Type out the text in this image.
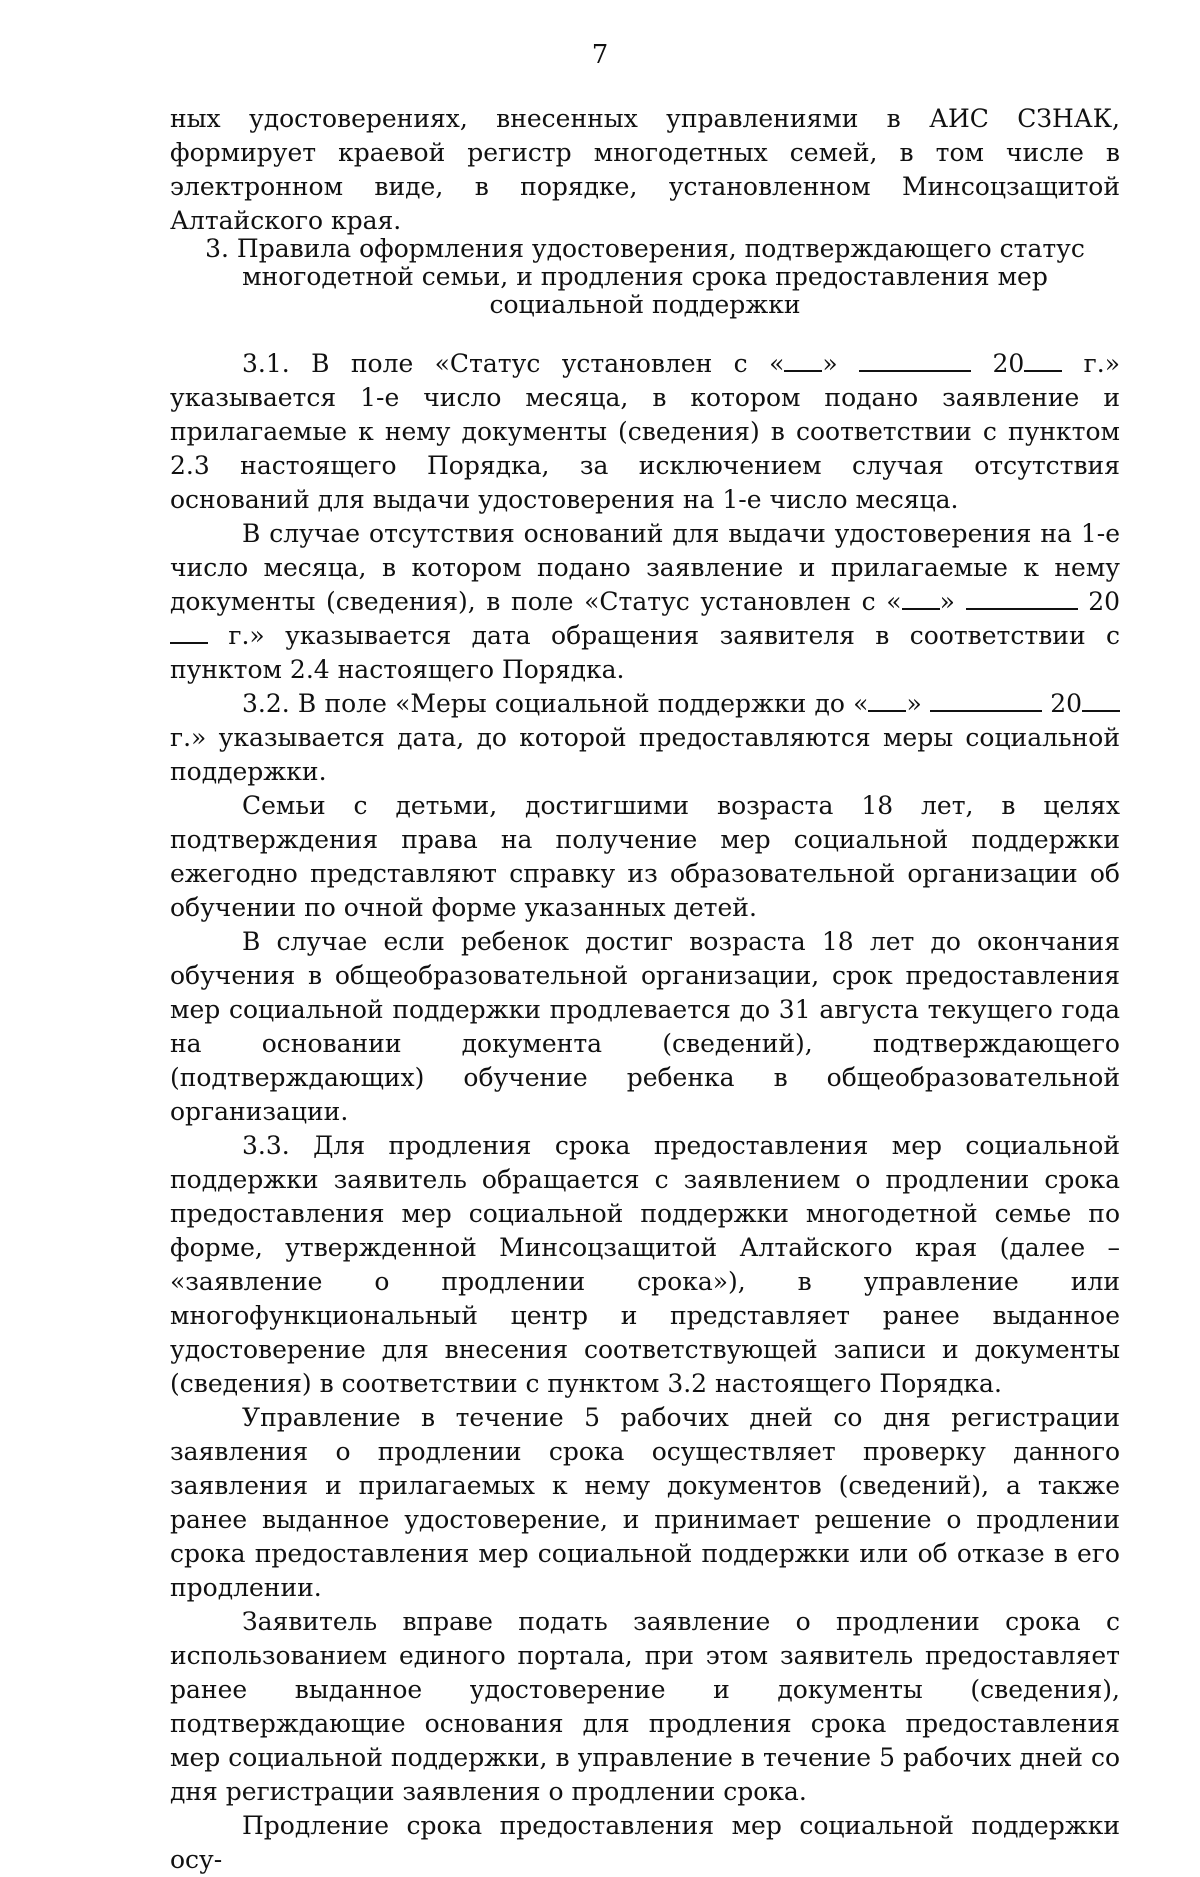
7
ных удостоверениях, внесенных управлениями в АИС СЗНАК, формирует краевой регистр многодетных семей, в том числе в электронном виде, в порядке, установленном Минсоцзащитой Алтайского края.
3. Правила оформления удостоверения, подтверждающего статус
многодетной семьи, и продления срока предоставления мер
социальной поддержки

3.1. В поле «Статус установлен с « »	20 г.» указывается 1-е число месяца, в котором подано заявление и прилагаемые к нему документы (сведения) в соответствии с пунктом 2.3 настоящего Порядка, за исключением случая отсутствия оснований для выдачи удостоверения на 1-е число месяца.

В случае отсутствия оснований для выдачи удостоверения на 1-е число месяца, в котором подано заявление и прилагаемые к нему документы (сведения), в поле «Статус установлен с « »	20 г.» указывается дата обращения заявителя в соответствии с пунктом 2.4 настоящего Порядка.

3.2. В поле «Меры социальной поддержки до « »	20 г.» указывается дата, до которой предоставляются меры социальной поддержки.

Семьи с детьми, достигшими возраста 18 лет, в целях подтверждения права на получение мер социальной поддержки ежегодно представляют справку из образовательной организации об обучении по очной форме указанных детей.

В случае если ребенок достиг возраста 18 лет до окончания обучения в общеобразовательной организации, срок предоставления мер социальной поддержки продлевается до 31 августа текущего года на основании документа (сведений), подтверждающего (подтверждающих) обучение ребенка в общеобразовательной организации.

3.3. Для продления срока предоставления мер социальной поддержки заявитель обращается с заявлением о продлении срока предоставления мер социальной поддержки многодетной семье по форме, утвержденной Минсоцзащитой Алтайского края (далее – «заявление о продлении срока»), в управление или многофункциональный центр и представляет ранее выданное удостоверение для внесения соответствующей записи и документы (сведения) в соответствии с пунктом 3.2 настоящего Порядка.

Управление в течение 5 рабочих дней со дня регистрации заявления о продлении срока осуществляет проверку данного заявления и прилагаемых к нему документов (сведений), а также ранее выданное удостоверение, и принимает решение о продлении срока предоставления мер социальной поддержки или об отказе в его продлении.

Заявитель вправе подать заявление о продлении срока с использованием единого портала, при этом заявитель предоставляет ранее выданное удостоверение и документы (сведения), подтверждающие основания для продления срока предоставления мер социальной поддержки, в управление в течение 5 рабочих дней со дня регистрации заявления о продлении срока.

Продление срока предоставления мер социальной поддержки осу-
